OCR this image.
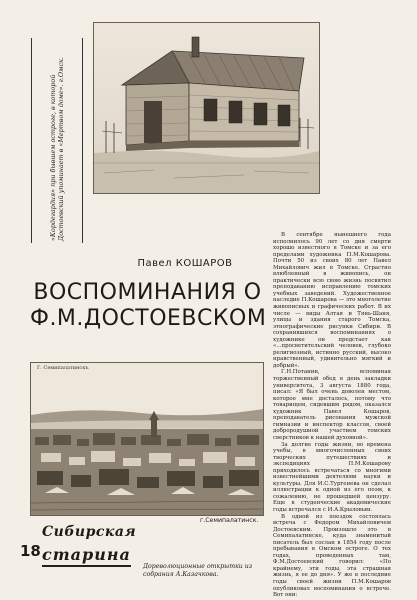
«Кордегардия» при бывшем остроге, в которой Достоевский упоминает в «Мертвом доме». г.Омск.
Павел КОШАРОВ
ВОСПОМИНАНИЯ О
Ф.М.ДОСТОЕВСКОМ
Г. Семипалатинскъ
г.Семипалатинск.
18
Сибирская
старина
Дореволюционные открытки из собрания А.Казачкова.

В сентябре нынешнего года исполнилось 90 лет со дня смерти хорошо известного в Томске и за его пределами художника П.М.Кошарова. Почти 50 из своих 80 лет Павел Михайлович жил в Томске. Страстно влюбленный в живопись, он практически всю свою жизнь посвятил преподаванию исправлению томских учебных заведений. Художественное наследие П.Кошарова — это многолетие живописных и графических работ. В их числе — виды Алтая и Тянь-Шаня, улицы и здания старого Томска, этнографические рисунки Сибири. В сохранившихся воспоминаниях о художнике он предстает как «...просветительский человек, глубоко религиозный, истинно русский, высоко нравственный, удивительно мягкий и добрый».

Г.Н.Потанин, вспоминая торжественный обед в день закладки университета, 3 августа 1880 года, писал: «Я был очень доволен местом, которое мне досталось, потому что товарищем, сидевшим рядом, оказался художник Павел Кошаров, преподаватель рисования мужской гимназии и инспектор классов, своей доброродушной участием томских сверстников к нашей духовной».

За долгие годы жизни, во времена учебы, в многочисленных своих творческих путешествиях и экспедициях П.М.Кошарову приходилось встречаться со многими известнейшими деятелями науки и культуры. Для И.С.Тургенева он сделал иллюстрации к одной из его поэм, к сожалению, не прошедшей цензуру. Еще в студенческие академические годы встречался с И.А.Крыловым.

В одной из поездок состоялась встреча с Федором Михайловичем Достоевским. Произошло это в Семипалатинске, куда знаменитый писатель был сослан в 1854 году после пребывания в Омском остроге. О тех годах, проведенных там, Ф.М.Достоевский говорил: «По крайнему, эти годы, эта страшная жизнь, я ее до дня». У же в последние годы своей жизни П.М.Кошаров опубликовал воспоминания о встрече. Вот они:
